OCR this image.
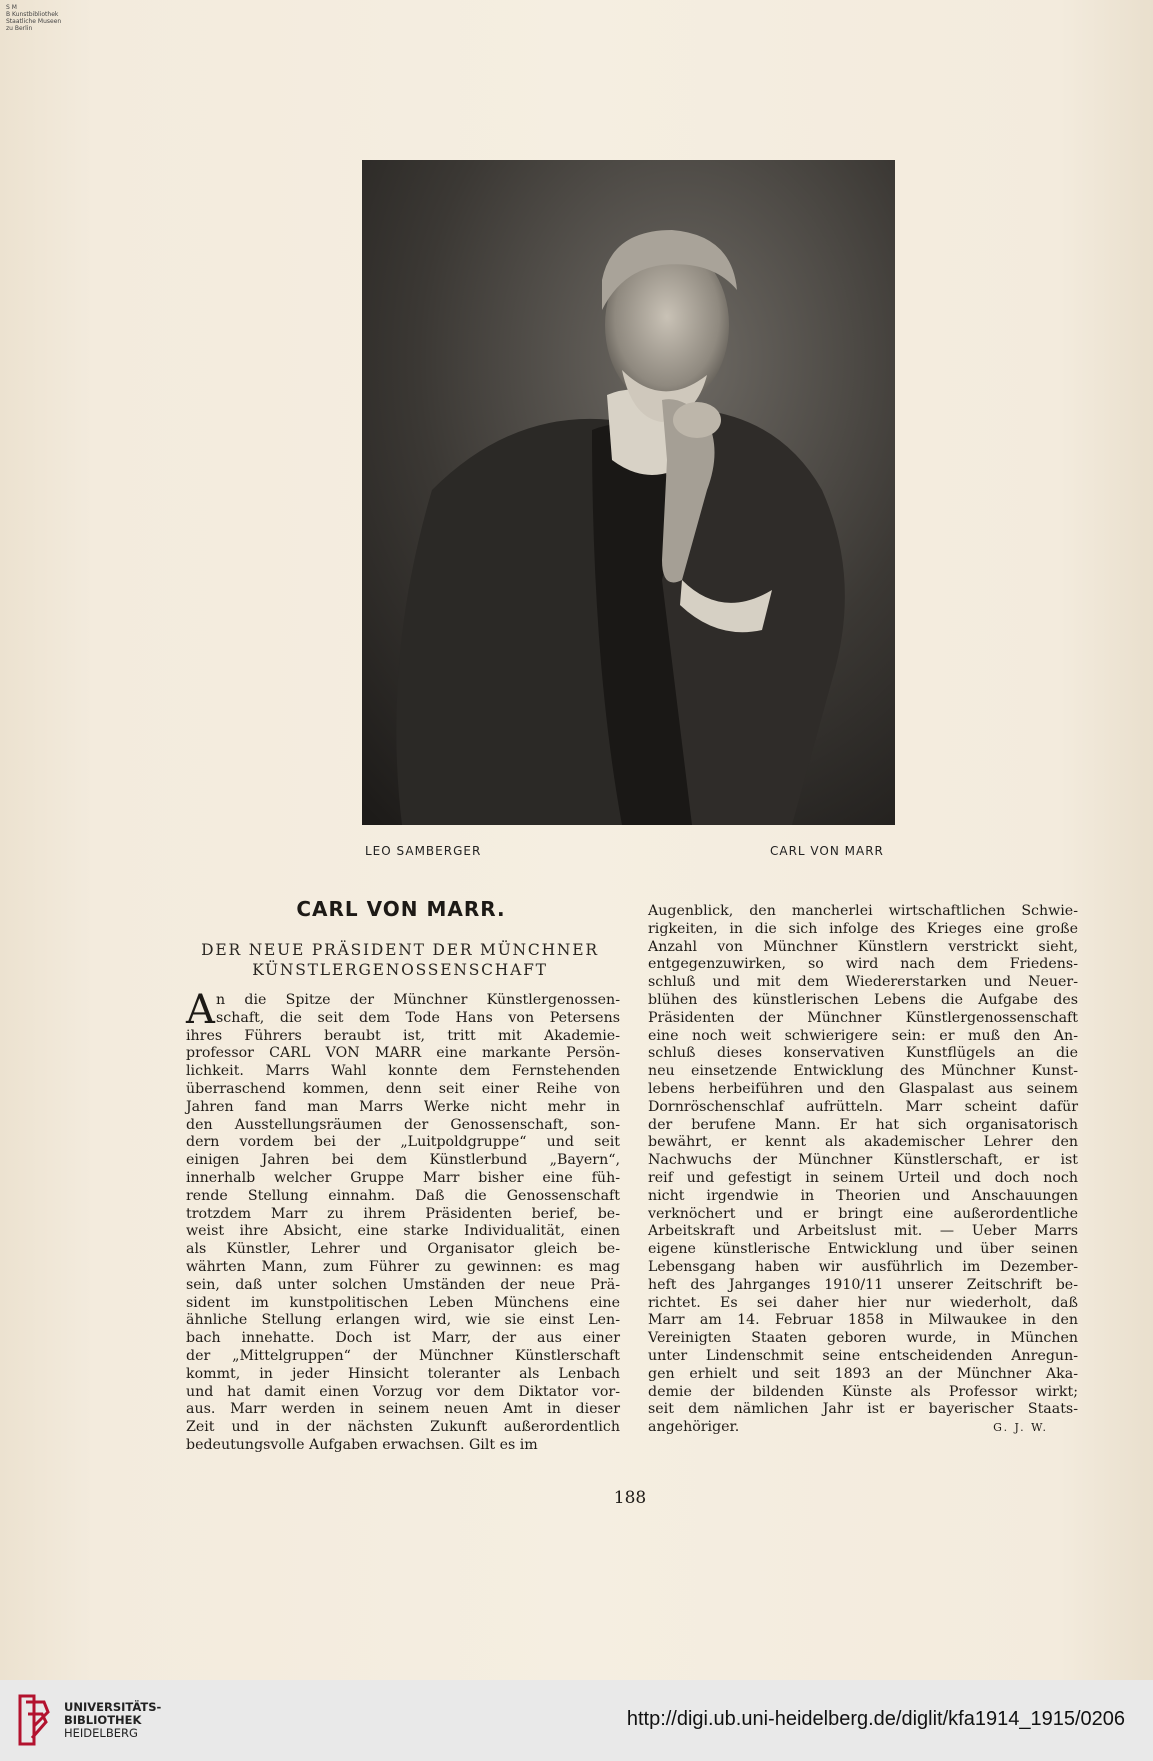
S M
B Kunstbibliothek
Staatliche Museen
zu Berlin
LEO SAMBERGER	CARL VON MARR
CARL VON MARR.
DER NEUE PRÄSIDENT DER MÜNCHNER
KÜNSTLERGENOSSENSCHAFT
A n die Spitze der Münchner Künstlergenossen-
schaft, die seit dem Tode Hans von Petersens
ihres Führers beraubt ist, tritt mit Akademie-
professor CARL VON MARR eine markante Persön-
lichkeit. Marrs Wahl konnte dem Fernstehenden
überraschend kommen, denn seit einer Reihe von
Jahren fand man Marrs Werke nicht mehr in
den Ausstellungsräumen der Genossenschaft, son-
dern vordem bei der „Luitpoldgruppe“ und seit
einigen Jahren bei dem Künstlerbund „Bayern“,
innerhalb welcher Gruppe Marr bisher eine füh-
rende Stellung einnahm. Daß die Genossenschaft
trotzdem Marr zu ihrem Präsidenten berief, be-
weist ihre Absicht, eine starke Individualität, einen
als Künstler, Lehrer und Organisator gleich be-
währten Mann, zum Führer zu gewinnen: es mag
sein, daß unter solchen Umständen der neue Prä-
sident im kunstpolitischen Leben Münchens eine
ähnliche Stellung erlangen wird, wie sie einst Len-
bach innehatte. Doch ist Marr, der aus einer
der „Mittelgruppen“ der Münchner Künstlerschaft
kommt, in jeder Hinsicht toleranter als Lenbach
und hat damit einen Vorzug vor dem Diktator vor-
aus. Marr werden in seinem neuen Amt in dieser
Zeit und in der nächsten Zukunft außerordentlich
bedeutungsvolle Aufgaben erwachsen. Gilt es im
Augenblick, den mancherlei wirtschaftlichen Schwie-
rigkeiten, in die sich infolge des Krieges eine große
Anzahl von Münchner Künstlern verstrickt sieht,
entgegenzuwirken, so wird nach dem Friedens-
schluß und mit dem Wiedererstarken und Neuer-
blühen des künstlerischen Lebens die Aufgabe des
Präsidenten der Münchner Künstlergenossenschaft
eine noch weit schwierigere sein: er muß den An-
schluß dieses konservativen Kunstflügels an die
neu einsetzende Entwicklung des Münchner Kunst-
lebens herbeiführen und den Glaspalast aus seinem
Dornröschenschlaf aufrütteln. Marr scheint dafür
der berufene Mann. Er hat sich organisatorisch
bewährt, er kennt als akademischer Lehrer den
Nachwuchs der Münchner Künstlerschaft, er ist
reif und gefestigt in seinem Urteil und doch noch
nicht irgendwie in Theorien und Anschauungen
verknöchert und er bringt eine außerordentliche
Arbeitskraft und Arbeitslust mit. — Ueber Marrs
eigene künstlerische Entwicklung und über seinen
Lebensgang haben wir ausführlich im Dezember-
heft des Jahrganges 1910/11 unserer Zeitschrift be-
richtet. Es sei daher hier nur wiederholt, daß
Marr am 14. Februar 1858 in Milwaukee in den
Vereinigten Staaten geboren wurde, in München
unter Lindenschmit seine entscheidenden Anregun-
gen erhielt und seit 1893 an der Münchner Aka-
demie der bildenden Künste als Professor wirkt;
seit dem nämlichen Jahr ist er bayerischer Staats-
angehöriger.	G. J. W.
188
UNIVERSITÄTS-
BIBLIOTHEK
HEIDELBERG
http://digi.ub.uni-heidelberg.de/diglit/kfa1914_1915/0206
